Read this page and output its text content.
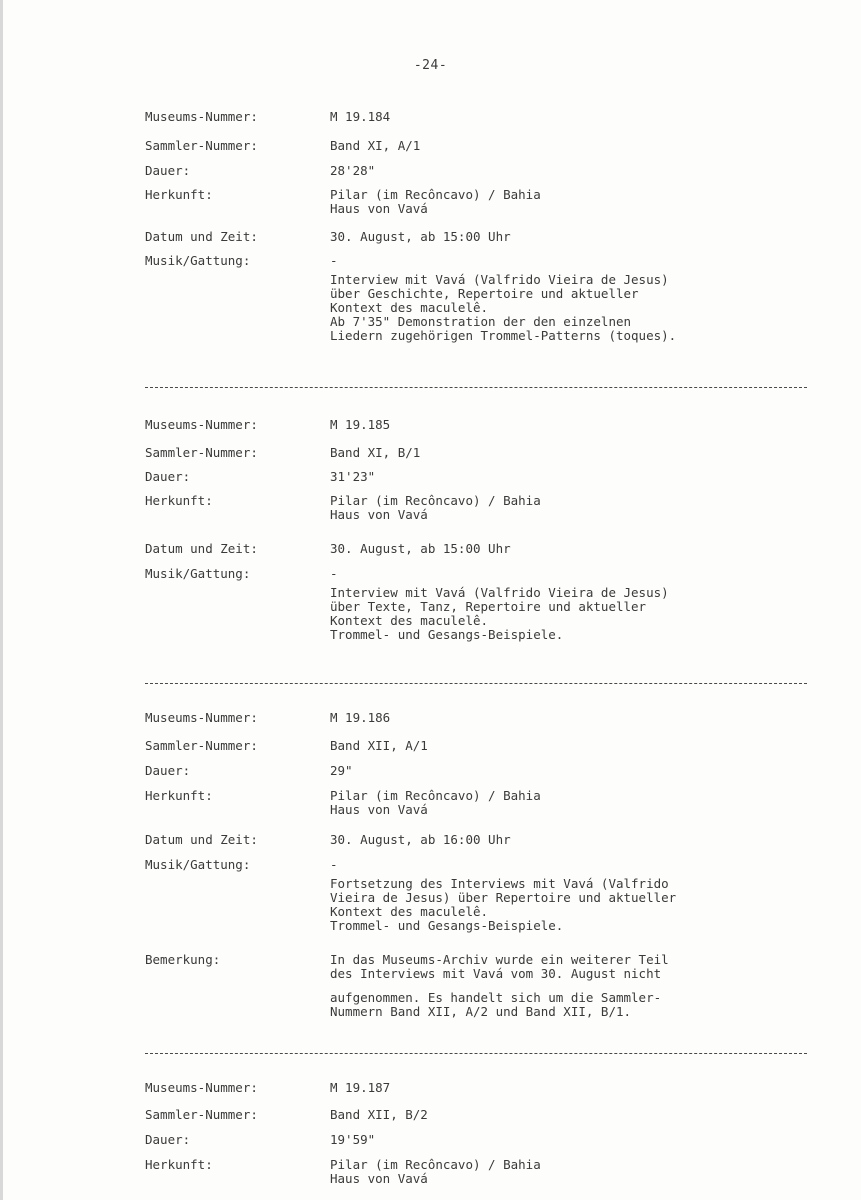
-24-
Museums-Nummer:	M 19.184
Sammler-Nummer:	Band XI, A/1
Dauer:	28'28"
Herkunft:	Pilar (im Recôncavo) / Bahia
Haus von Vavá
Datum und Zeit:	30. August, ab 15:00 Uhr
Musik/Gattung:	-
Interview mit Vavá (Valfrido Vieira de Jesus)
über Geschichte, Repertoire und aktueller
Kontext des maculelê.
Ab 7'35" Demonstration der den einzelnen
Liedern zugehörigen Trommel-Patterns (toques).
Museums-Nummer:	M 19.185
Sammler-Nummer:	Band XI, B/1
Dauer:	31'23"
Herkunft:	Pilar (im Recôncavo) / Bahia
Haus von Vavá
Datum und Zeit:	30. August, ab 15:00 Uhr
Musik/Gattung:	-
Interview mit Vavá (Valfrido Vieira de Jesus)
über Texte, Tanz, Repertoire und aktueller
Kontext des maculelê.
Trommel- und Gesangs-Beispiele.
Museums-Nummer:	M 19.186
Sammler-Nummer:	Band XII, A/1
Dauer:	29"
Herkunft:	Pilar (im Recôncavo) / Bahia
Haus von Vavá
Datum und Zeit:	30. August, ab 16:00 Uhr
Musik/Gattung:	-
Fortsetzung des Interviews mit Vavá (Valfrido
Vieira de Jesus) über Repertoire und aktueller
Kontext des maculelê.
Trommel- und Gesangs-Beispiele.
Bemerkung:	In das Museums-Archiv wurde ein weiterer Teil
des Interviews mit Vavá vom 30. August nicht
aufgenommen. Es handelt sich um die Sammler-
Nummern Band XII, A/2 und Band XII, B/1.
Museums-Nummer:	M 19.187
Sammler-Nummer:	Band XII, B/2
Dauer:	19'59"
Herkunft:	Pilar (im Recôncavo) / Bahia
Haus von Vavá
